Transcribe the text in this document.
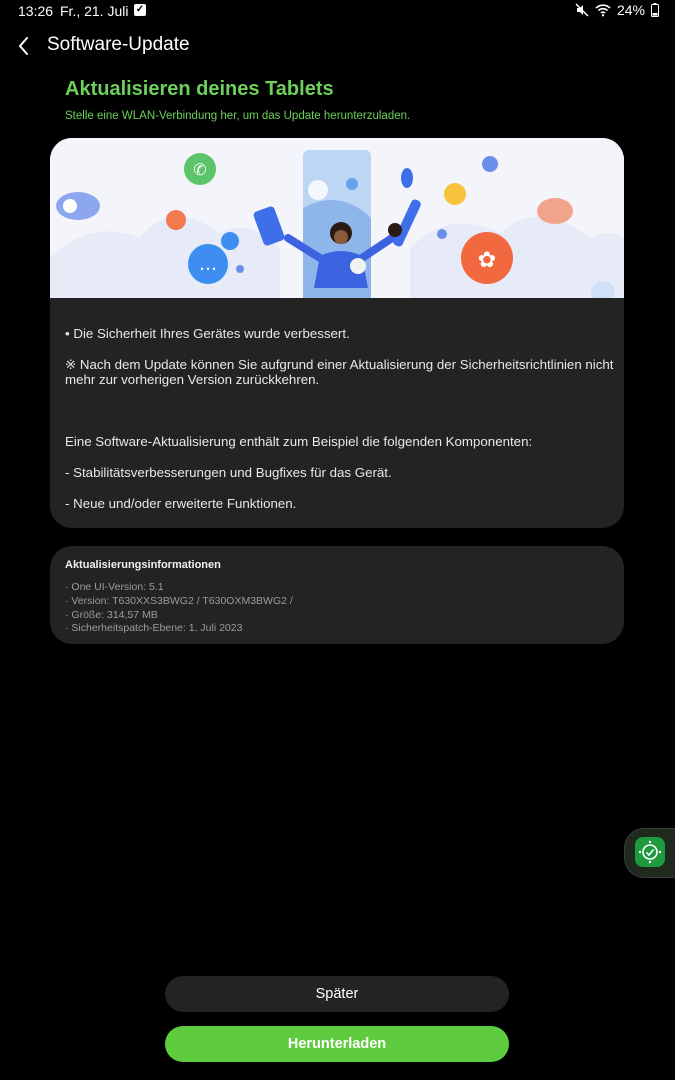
13:26 Fr., 21. Juli ✓	24%
Software-Update
Aktualisieren deines Tablets
Stelle eine WLAN-Verbindung her, um das Update herunterzuladen.
✆
…	✿

• Die Sicherheit Ihres Gerätes wurde verbessert.

※ Nach dem Update können Sie aufgrund einer Aktualisierung der Sicherheitsrichtlinien nicht mehr zur vorherigen Version zurückkehren.

Eine Software-Aktualisierung enthält zum Beispiel die folgenden Komponenten:

- Stabilitätsverbesserungen und Bugfixes für das Gerät.

- Neue und/oder erweiterte Funktionen.

Aktualisierungsinformationen
· One UI-Version: 5.1
· Version: T630XXS3BWG2 / T630OXM3BWG2 /
· Größe: 314,57 MB
· Sicherheitspatch-Ebene: 1. Juli 2023
Später
Herunterladen
